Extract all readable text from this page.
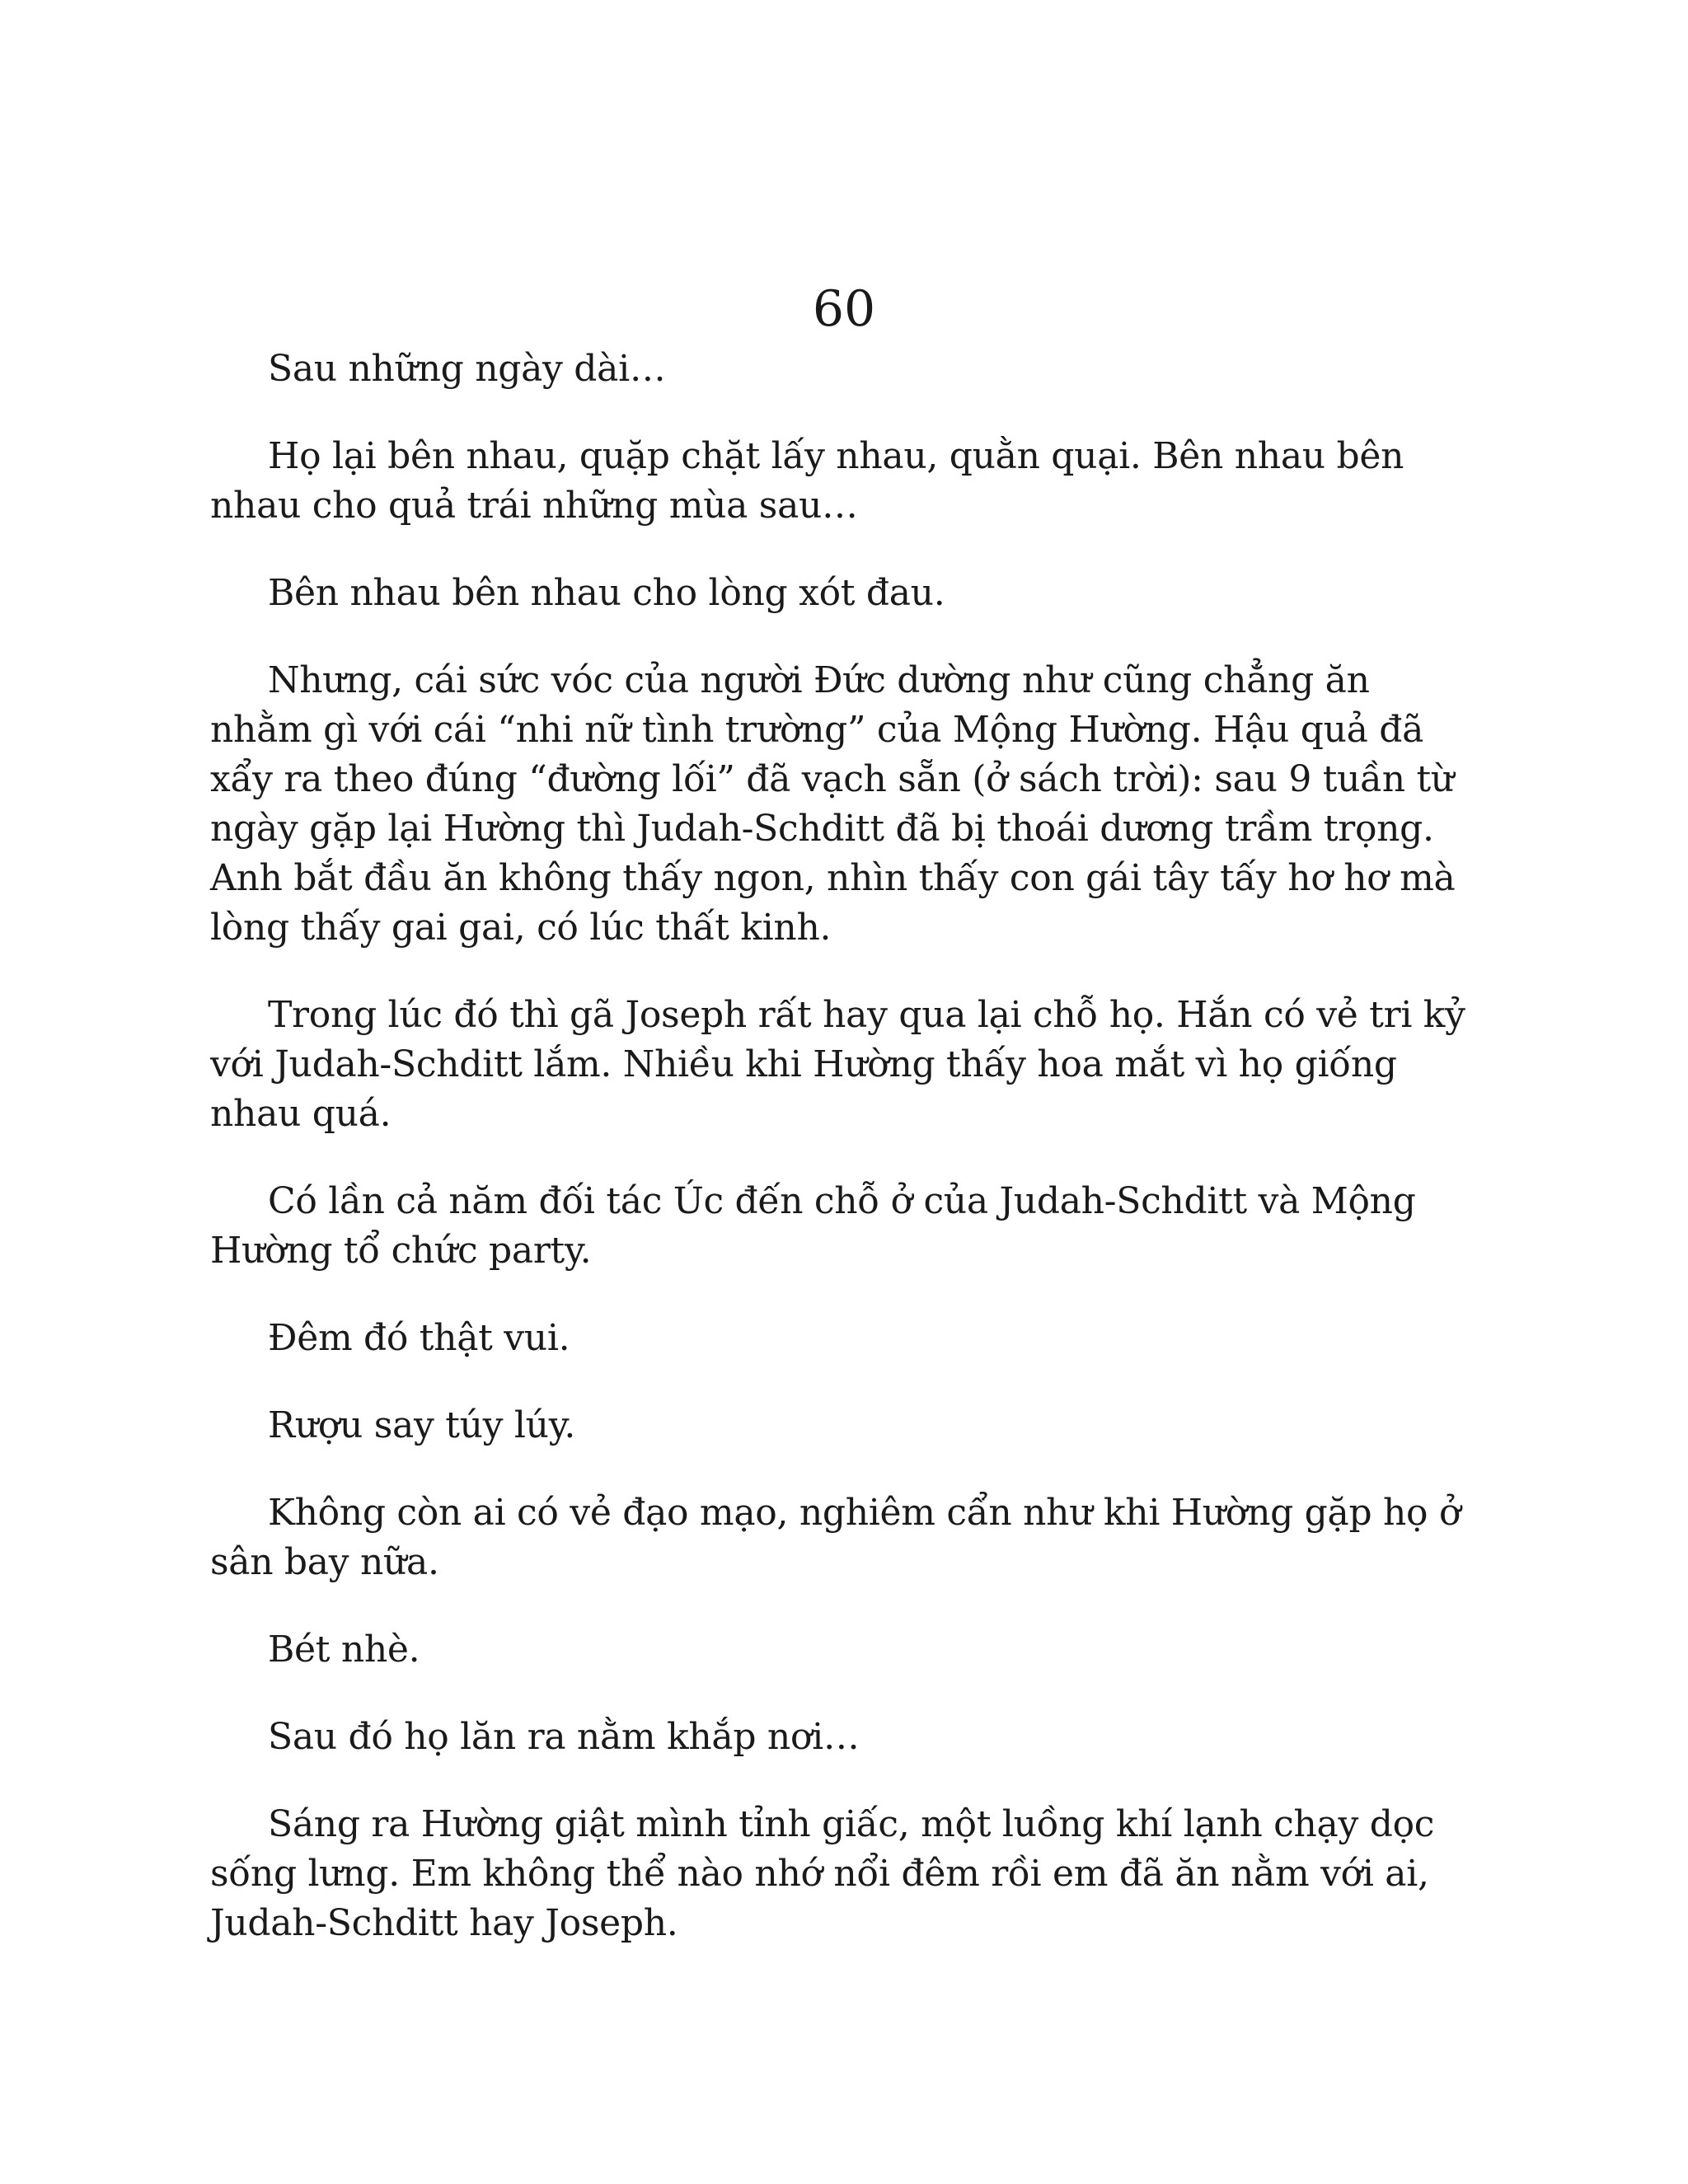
60

Sau những ngày dài…

Họ lại bên nhau, quặp chặt lấy nhau, quằn quại. Bên nhau bên nhau cho quả trái những mùa sau…

Bên nhau bên nhau cho lòng xót đau.

Nhưng, cái sức vóc của người Đức dường như cũng chẳng ăn nhằm gì với cái “nhi nữ tình trường” của Mộng Hường. Hậu quả đã xẩy ra theo đúng “đường lối” đã vạch sẵn (ở sách trời): sau 9 tuần từ ngày gặp lại Hường thì Judah-Schditt đã bị thoái dương trầm trọng. Anh bắt đầu ăn không thấy ngon, nhìn thấy con gái tây tấy hơ hơ mà lòng thấy gai gai, có lúc thất kinh.

Trong lúc đó thì gã Joseph rất hay qua lại chỗ họ. Hắn có vẻ tri kỷ với Judah-Schditt lắm. Nhiều khi Hường thấy hoa mắt vì họ giống nhau quá.

Có lần cả năm đối tác Úc đến chỗ ở của Judah-Schditt và Mộng Hường tổ chức party.

Đêm đó thật vui.

Rượu say túy lúy.

Không còn ai có vẻ đạo mạo, nghiêm cẩn như khi Hường gặp họ ở sân bay nữa.

Bét nhè.

Sau đó họ lăn ra nằm khắp nơi…

Sáng ra Hường giật mình tỉnh giấc, một luồng khí lạnh chạy dọc sống lưng. Em không thể nào nhớ nổi đêm rồi em đã ăn nằm với ai, Judah-Schditt hay Joseph.
